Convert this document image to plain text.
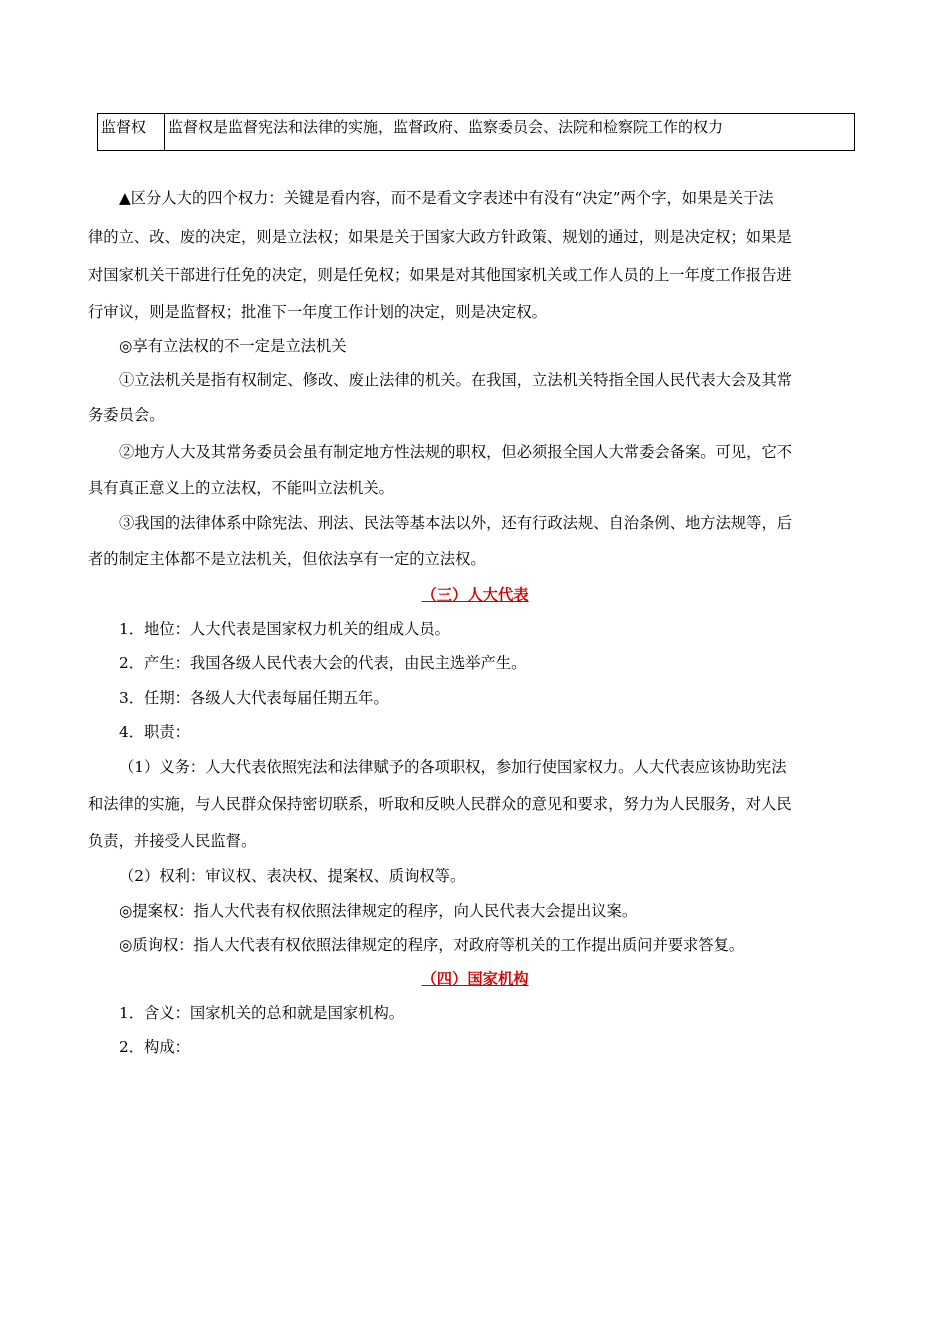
监督权	监督权是监督宪法和法律的实施，监督政府、监察委员会、法院和检察院工作的权力
▲区分人大的四个权力：关键是看内容，而不是看文字表述中有没有“决定”两个字，如果是关于法
律的立、改、废的决定，则是立法权；如果是关于国家大政方针政策、规划的通过，则是决定权；如果是
对国家机关干部进行任免的决定，则是任免权；如果是对其他国家机关或工作人员的上一年度工作报告进
行审议，则是监督权；批准下一年度工作计划的决定，则是决定权。
◎享有立法权的不一定是立法机关
①立法机关是指有权制定、修改、废止法律的机关。在我国，立法机关特指全国人民代表大会及其常
务委员会。
②地方人大及其常务委员会虽有制定地方性法规的职权，但必须报全国人大常委会备案。可见，它不
具有真正意义上的立法权，不能叫立法机关。
③我国的法律体系中除宪法、刑法、民法等基本法以外，还有行政法规、自治条例、地方法规等，后
者的制定主体都不是立法机关，但依法享有一定的立法权。
（三）人大代表
1．地位：人大代表是国家权力机关的组成人员。
2．产生：我国各级人民代表大会的代表，由民主选举产生。
3．任期：各级人大代表每届任期五年。
4．职责：
（1）义务：人大代表依照宪法和法律赋予的各项职权，参加行使国家权力。人大代表应该协助宪法
和法律的实施，与人民群众保持密切联系，听取和反映人民群众的意见和要求，努力为人民服务，对人民
负责，并接受人民监督。
（2）权利：审议权、表决权、提案权、质询权等。
◎提案权：指人大代表有权依照法律规定的程序，向人民代表大会提出议案。
◎质询权：指人大代表有权依照法律规定的程序，对政府等机关的工作提出质问并要求答复。
（四）国家机构
1．含义：国家机关的总和就是国家机构。
2．构成：
